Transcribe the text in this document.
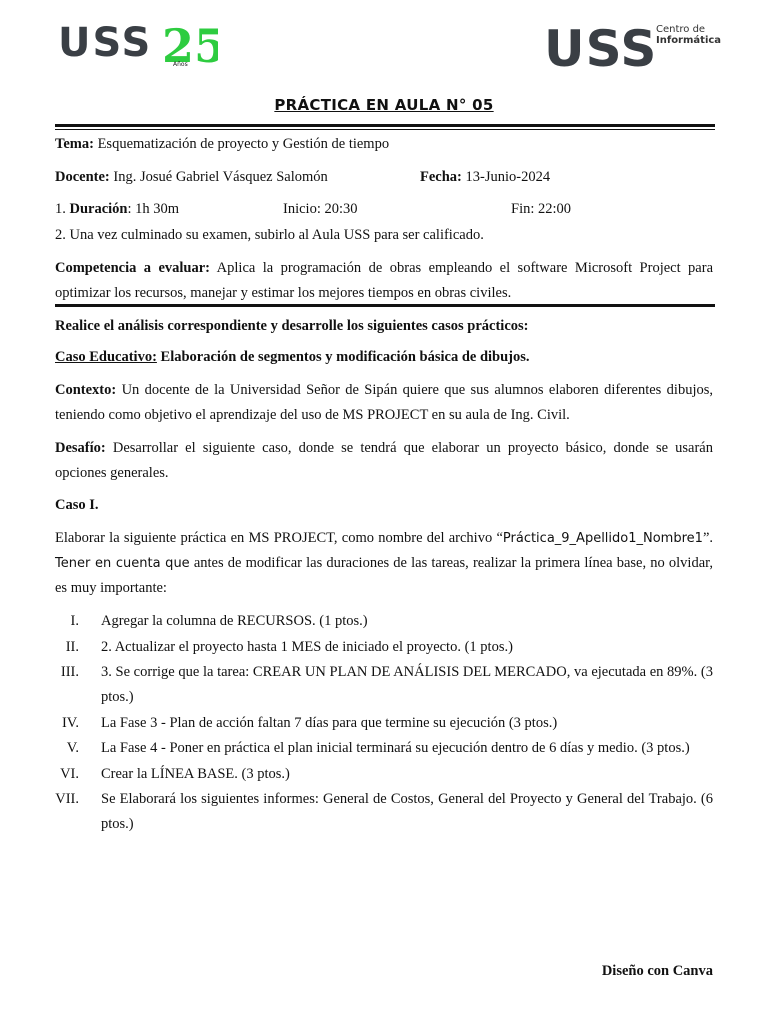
USS 25
Años	USS
Centro de
Informática
PRÁCTICA EN AULA N° 05
Tema: Esquematización de proyecto y Gestión de tiempo
Docente: Ing. Josué Gabriel Vásquez Salomón	Fecha: 13-Junio-2024
1. Duración: 1h 30m	Inicio: 20:30	Fin: 22:00
2. Una vez culminado su examen, subirlo al Aula USS para ser calificado.
Competencia a evaluar: Aplica la programación de obras empleando el software Microsoft Project para optimizar los recursos, manejar y estimar los mejores tiempos en obras civiles.
Realice el análisis correspondiente y desarrolle los siguientes casos prácticos:
Caso Educativo: Elaboración de segmentos y modificación básica de dibujos.
Contexto: Un docente de la Universidad Señor de Sipán quiere que sus alumnos elaboren diferentes dibujos, teniendo como objetivo el aprendizaje del uso de MS PROJECT en su aula de Ing. Civil.
Desafío: Desarrollar el siguiente caso, donde se tendrá que elaborar un proyecto básico, donde se usarán opciones generales.
Caso I.
Elaborar la siguiente práctica en MS PROJECT, como nombre del archivo “Práctica_9_Apellido1_Nombre1”. Tener en cuenta que antes de modificar las duraciones de las tareas, realizar la primera línea base, no olvidar, es muy importante:
I. Agregar la columna de RECURSOS. (1 ptos.)
II. 2. Actualizar el proyecto hasta 1 MES de iniciado el proyecto. (1 ptos.)
III. 3. Se corrige que la tarea: CREAR UN PLAN DE ANÁLISIS DEL MERCADO, va ejecutada en 89%. (3 ptos.)
IV. La Fase 3 - Plan de acción faltan 7 días para que termine su ejecución (3 ptos.)
V. La Fase 4 - Poner en práctica el plan inicial terminará su ejecución dentro de 6 días y medio. (3 ptos.)
VI. Crear la LÍNEA BASE. (3 ptos.)
VII. Se Elaborará los siguientes informes: General de Costos, General del Proyecto y General del Trabajo. (6 ptos.)
Diseño con Canva
